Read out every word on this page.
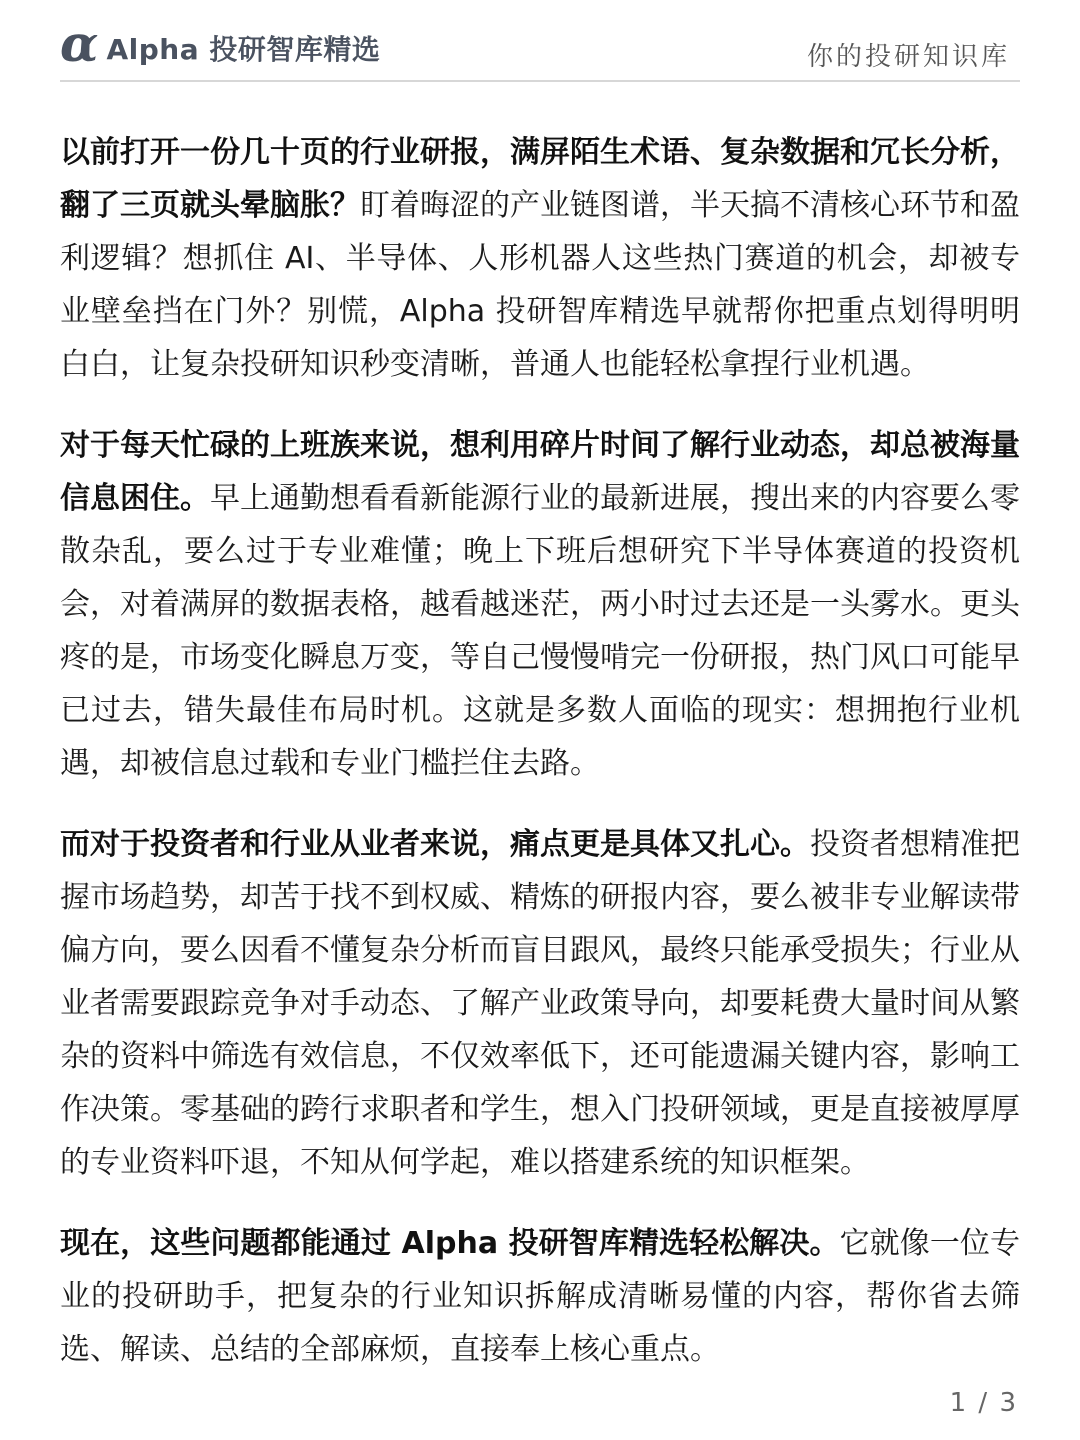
α Alpha 投研智库精选	你的投研知识库

以前打开一份几十页的行业研报，满屏陌生术语、复杂数据和冗长分析，翻了三页就头晕脑胀？盯着晦涩的产业链图谱，半天搞不清核心环节和盈利逻辑？想抓住 AI、半导体、人形机器人这些热门赛道的机会，却被专业壁垒挡在门外？别慌，Alpha 投研智库精选早就帮你把重点划得明明白白，让复杂投研知识秒变清晰，普通人也能轻松拿捏行业机遇。

对于每天忙碌的上班族来说，想利用碎片时间了解行业动态，却总被海量信息困住。早上通勤想看看新能源行业的最新进展，搜出来的内容要么零散杂乱，要么过于专业难懂；晚上下班后想研究下半导体赛道的投资机会，对着满屏的数据表格，越看越迷茫，两小时过去还是一头雾水。更头疼的是，市场变化瞬息万变，等自己慢慢啃完一份研报，热门风口可能早已过去，错失最佳布局时机。这就是多数人面临的现实：想拥抱行业机遇，却被信息过载和专业门槛拦住去路。

而对于投资者和行业从业者来说，痛点更是具体又扎心。投资者想精准把握市场趋势，却苦于找不到权威、精炼的研报内容，要么被非专业解读带偏方向，要么因看不懂复杂分析而盲目跟风，最终只能承受损失；行业从业者需要跟踪竞争对手动态、了解产业政策导向，却要耗费大量时间从繁杂的资料中筛选有效信息，不仅效率低下，还可能遗漏关键内容，影响工作决策。零基础的跨行求职者和学生，想入门投研领域，更是直接被厚厚的专业资料吓退，不知从何学起，难以搭建系统的知识框架。

现在，这些问题都能通过 Alpha 投研智库精选轻松解决。它就像一位专业的投研助手，把复杂的行业知识拆解成清晰易懂的内容，帮你省去筛选、解读、总结的全部麻烦，直接奉上核心重点。

1 / 3
